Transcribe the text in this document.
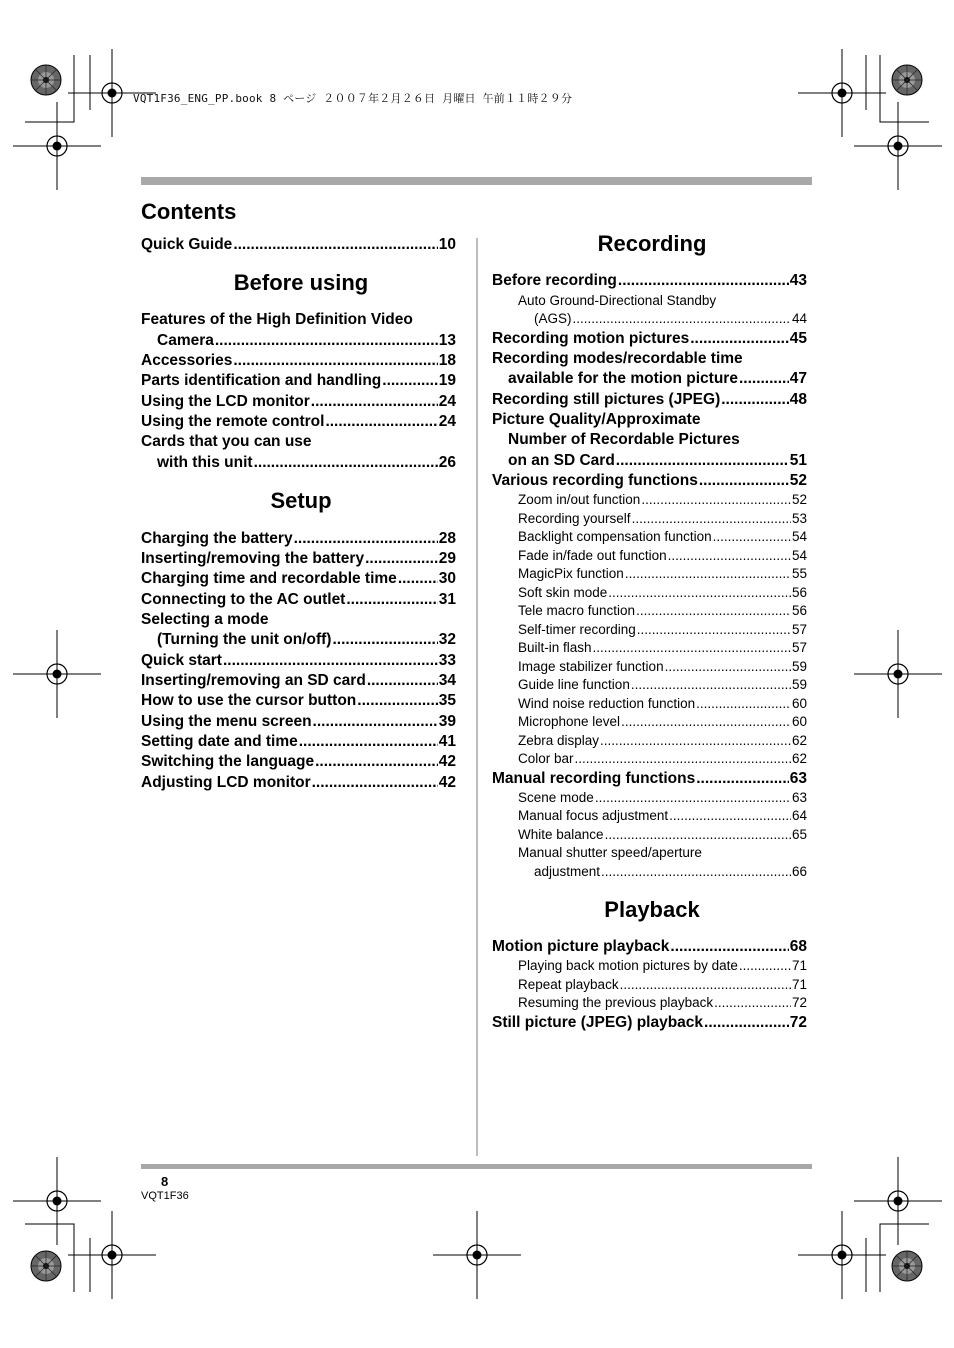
VQT1F36_ENG_PP.book 8 ページ ２００７年２月２６日 月曜日 午前１１時２９分
Contents
Quick Guide .....	10
Before using
Features of the High Definition Video
Camera .....	13
Accessories .....	18
Parts identification and handling .....	19
Using the LCD monitor .....	24
Using the remote control .....	24
Cards that you can use
with this unit .....	26
Setup
Charging the battery .....	28
Inserting/removing the battery .....	29
Charging time and recordable time .....	30
Connecting to the AC outlet .....	31
Selecting a mode
(Turning the unit on/off) .....	32
Quick start .....	33
Inserting/removing an SD card .....	34
How to use the cursor button .....	35
Using the menu screen .....	39
Setting date and time .....	41
Switching the language .....	42
Adjusting LCD monitor .....	42
Recording
Before recording .....	43
Auto Ground-Directional Standby
(AGS) .....	44
Recording motion pictures .....	45
Recording modes/recordable time
available for the motion picture .....	47
Recording still pictures (JPEG) .....	48
Picture Quality/Approximate
Number of Recordable Pictures
on an SD Card .....	51
Various recording functions .....	52
Zoom in/out function .....	52
Recording yourself .....	53
Backlight compensation function .....	54
Fade in/fade out function .....	54
MagicPix function .....	55
Soft skin mode .....	56
Tele macro function .....	56
Self-timer recording .....	57
Built-in flash .....	57
Image stabilizer function .....	59
Guide line function .....	59
Wind noise reduction function .....	60
Microphone level .....	60
Zebra display .....	62
Color bar .....	62
Manual recording functions .....	63
Scene mode .....	63
Manual focus adjustment .....	64
White balance .....	65
Manual shutter speed/aperture
adjustment .....	66
Playback
Motion picture playback .....	68
Playing back motion pictures by date .....	71
Repeat playback .....	71
Resuming the previous playback .....	72
Still picture (JPEG) playback .....	72
8
VQT1F36
